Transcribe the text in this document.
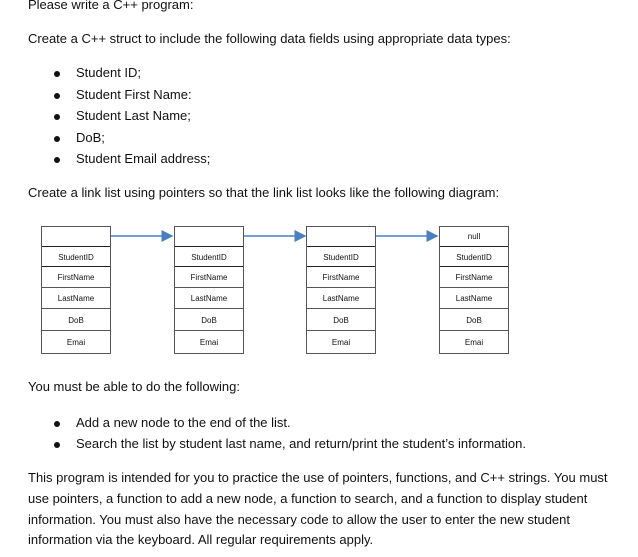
Please write a C++ program:
Create a C++ struct to include the following data fields using appropriate data types:
Student ID;
Student First Name:
Student Last Name;
DoB;
Student Email address;
Create a link list using pointers so that the link list looks like the following diagram:
StudentID
FirstName
LastName
DoB
Emai
StudentID
FirstName
LastName
DoB
Emai
StudentID
FirstName
LastName
DoB
Emai
null
StudentID
FirstName
LastName
DoB
Emai
You must be able to do the following:
Add a new node to the end of the list.
Search the list by student last name, and return/print the student’s information.
This program is intended for you to practice the use of pointers, functions, and C++ strings. You must
use pointers, a function to add a new node, a function to search, and a function to display student
information. You must also have the necessary code to allow the user to enter the new student
information via the keyboard. All regular requirements apply.
